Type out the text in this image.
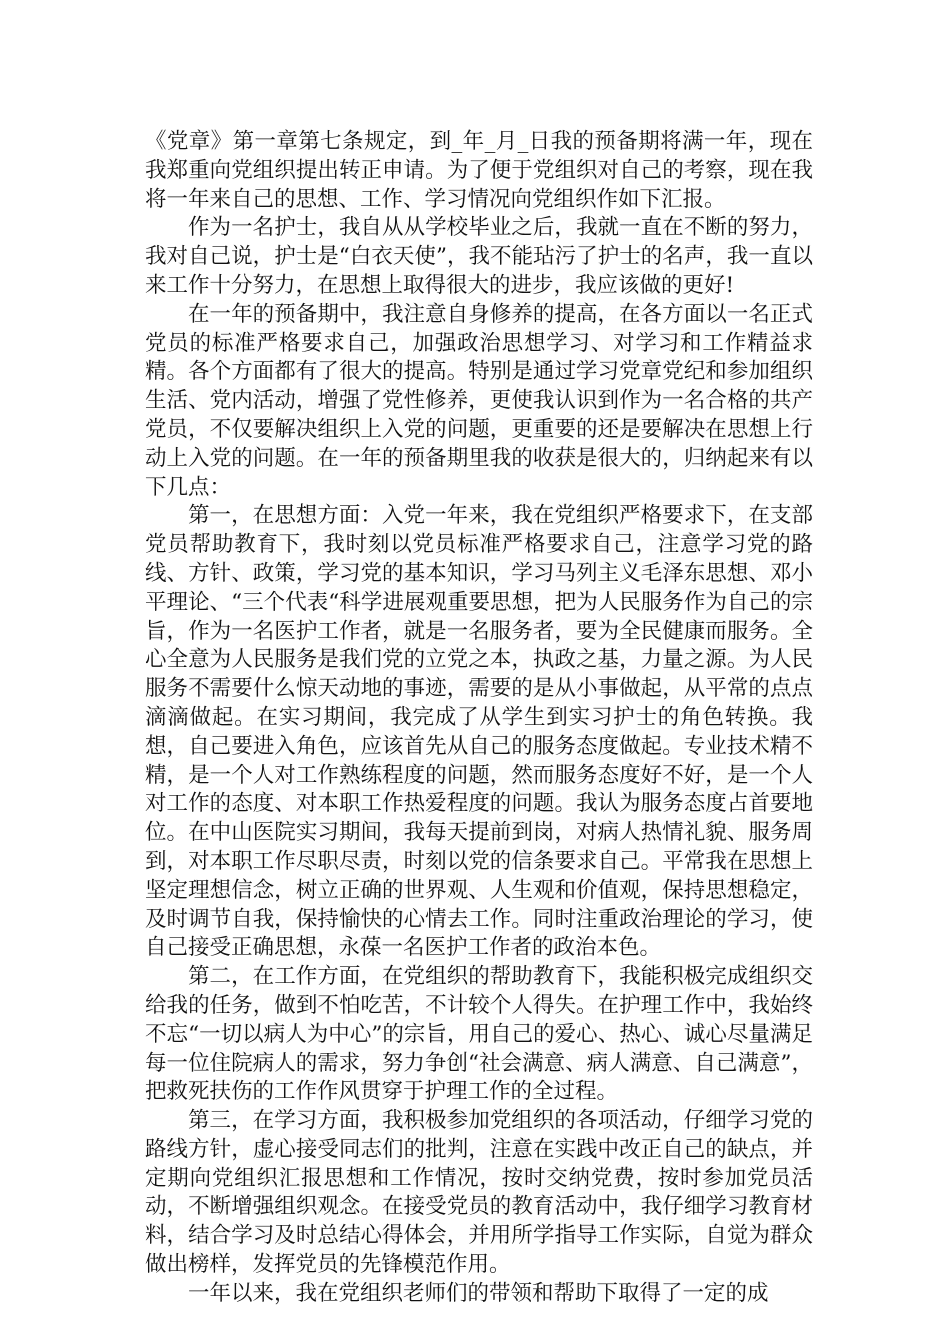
《党章》第一章第七条规定，到_年_月_日我的预备期将满一年，现在我郑重向党组织提出转正申请。为了便于党组织对自己的考察，现在我将一年来自己的思想、工作、学习情况向党组织作如下汇报。

作为一名护士，我自从从学校毕业之后，我就一直在不断的努力，我对自己说，护士是“白衣天使”，我不能玷污了护士的名声，我一直以来工作十分努力，在思想上取得很大的进步，我应该做的更好!

在一年的预备期中，我注意自身修养的提高，在各方面以一名正式党员的标准严格要求自己，加强政治思想学习、对学习和工作精益求精。各个方面都有了很大的提高。特别是通过学习党章党纪和参加组织生活、党内活动，增强了党性修养，更使我认识到作为一名合格的共产党员，不仅要解决组织上入党的问题，更重要的还是要解决在思想上行动上入党的问题。在一年的预备期里我的收获是很大的，归纳起来有以下几点：

第一，在思想方面：入党一年来，我在党组织严格要求下，在支部党员帮助教育下，我时刻以党员标准严格要求自己，注意学习党的路线、方针、政策，学习党的基本知识，学习马列主义毛泽东思想、邓小平理论、“三个代表“科学进展观重要思想，把为人民服务作为自己的宗旨，作为一名医护工作者，就是一名服务者，要为全民健康而服务。全心全意为人民服务是我们党的立党之本，执政之基，力量之源。为人民服务不需要什么惊天动地的事迹，需要的是从小事做起，从平常的点点滴滴做起。在实习期间，我完成了从学生到实习护士的角色转换。我想，自己要进入角色，应该首先从自己的服务态度做起。专业技术精不精，是一个人对工作熟练程度的问题，然而服务态度好不好，是一个人对工作的态度、对本职工作热爱程度的问题。我认为服务态度占首要地位。在中山医院实习期间，我每天提前到岗，对病人热情礼貌、服务周到，对本职工作尽职尽责，时刻以党的信条要求自己。平常我在思想上坚定理想信念，树立正确的世界观、人生观和价值观，保持思想稳定，及时调节自我，保持愉快的心情去工作。同时注重政治理论的学习，使自己接受正确思想，永葆一名医护工作者的政治本色。

第二，在工作方面，在党组织的帮助教育下，我能积极完成组织交给我的任务，做到不怕吃苦，不计较个人得失。在护理工作中，我始终不忘“一切以病人为中心”的宗旨，用自己的爱心、热心、诚心尽量满足每一位住院病人的需求，努力争创“社会满意、病人满意、自己满意”，把救死扶伤的工作作风贯穿于护理工作的全过程。

第三，在学习方面，我积极参加党组织的各项活动，仔细学习党的路线方针，虚心接受同志们的批判，注意在实践中改正自己的缺点，并定期向党组织汇报思想和工作情况，按时交纳党费，按时参加党员活动，不断增强组织观念。在接受党员的教育活动中，我仔细学习教育材料，结合学习及时总结心得体会，并用所学指导工作实际，自觉为群众做出榜样，发挥党员的先锋模范作用。

一年以来，我在党组织老师们的带领和帮助下取得了一定的成
